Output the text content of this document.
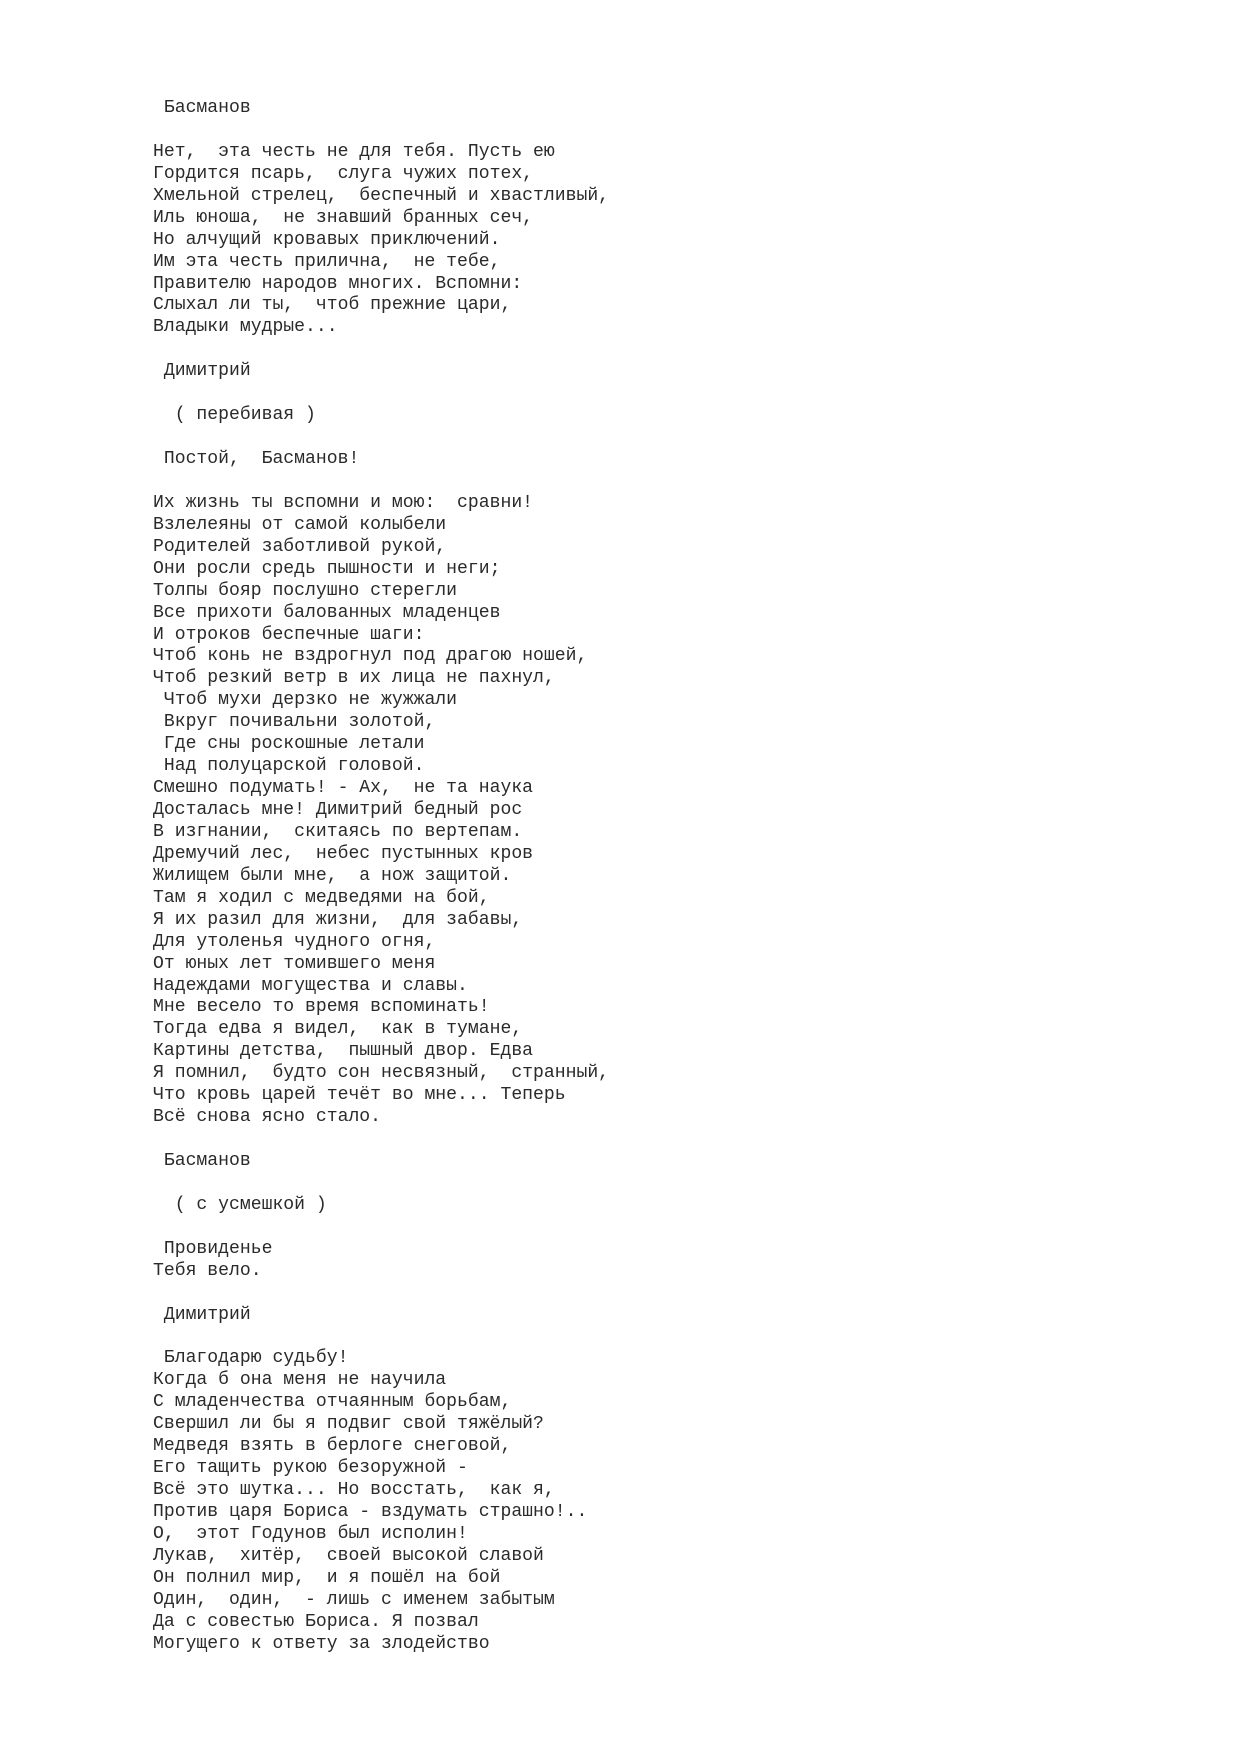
Басманов
Нет,  эта честь не для тебя. Пусть ею
Гордится псарь,  слуга чужих потех,
Хмельной стрелец,  беспечный и хвастливый,
Иль юноша,  не знавший бранных сеч,
Но алчущий кровавых приключений.
Им эта честь прилична,  не тебе,
Правителю народов многих. Вспомни:
Слыхал ли ты,  чтоб прежние цари,
Владыки мудрые...
Димитрий
( перебивая )
Постой,  Басманов!
Их жизнь ты вспомни и мою:  сравни!
Взлелеяны от самой колыбели
Родителей заботливой рукой,
Они росли средь пышности и неги;
Толпы бояр послушно стерегли
Все прихоти балованных младенцев
И отроков беспечные шаги:
Чтоб конь не вздрогнул под драгою ношей,
Чтоб резкий ветр в их лица не пахнул,
Чтоб мухи дерзко не жужжали
Вкруг почивальни золотой,
Где сны роскошные летали
Над полуцарской головой.
Смешно подумать! - Ах,  не та наука
Досталась мне! Димитрий бедный рос
В изгнании,  скитаясь по вертепам.
Дремучий лес,  небес пустынных кров
Жилищем были мне,  а нож защитой.
Там я ходил с медведями на бой,
Я их разил для жизни,  для забавы,
Для утоленья чудного огня,
От юных лет томившего меня
Надеждами могущества и славы.
Мне весело то время вспоминать!
Тогда едва я видел,  как в тумане,
Картины детства,  пышный двор. Едва
Я помнил,  будто сон несвязный,  странный,
Что кровь царей течёт во мне... Теперь
Всё снова ясно стало.
Басманов
( с усмешкой )
Провиденье
Тебя вело.
Димитрий
Благодарю судьбу!
Когда б она меня не научила
С младенчества отчаянным борьбам,
Свершил ли бы я подвиг свой тяжёлый?
Медведя взять в берлоге снеговой,
Его тащить рукою безоружной -
Всё это шутка... Но восстать,  как я,
Против царя Бориса - вздумать страшно!..
О,  этот Годунов был исполин!
Лукав,  хитёр,  своей высокой славой
Он полнил мир,  и я пошёл на бой
Один,  один,  - лишь с именем забытым
Да с совестью Бориса. Я позвал
Могущего к ответу за злодейство
